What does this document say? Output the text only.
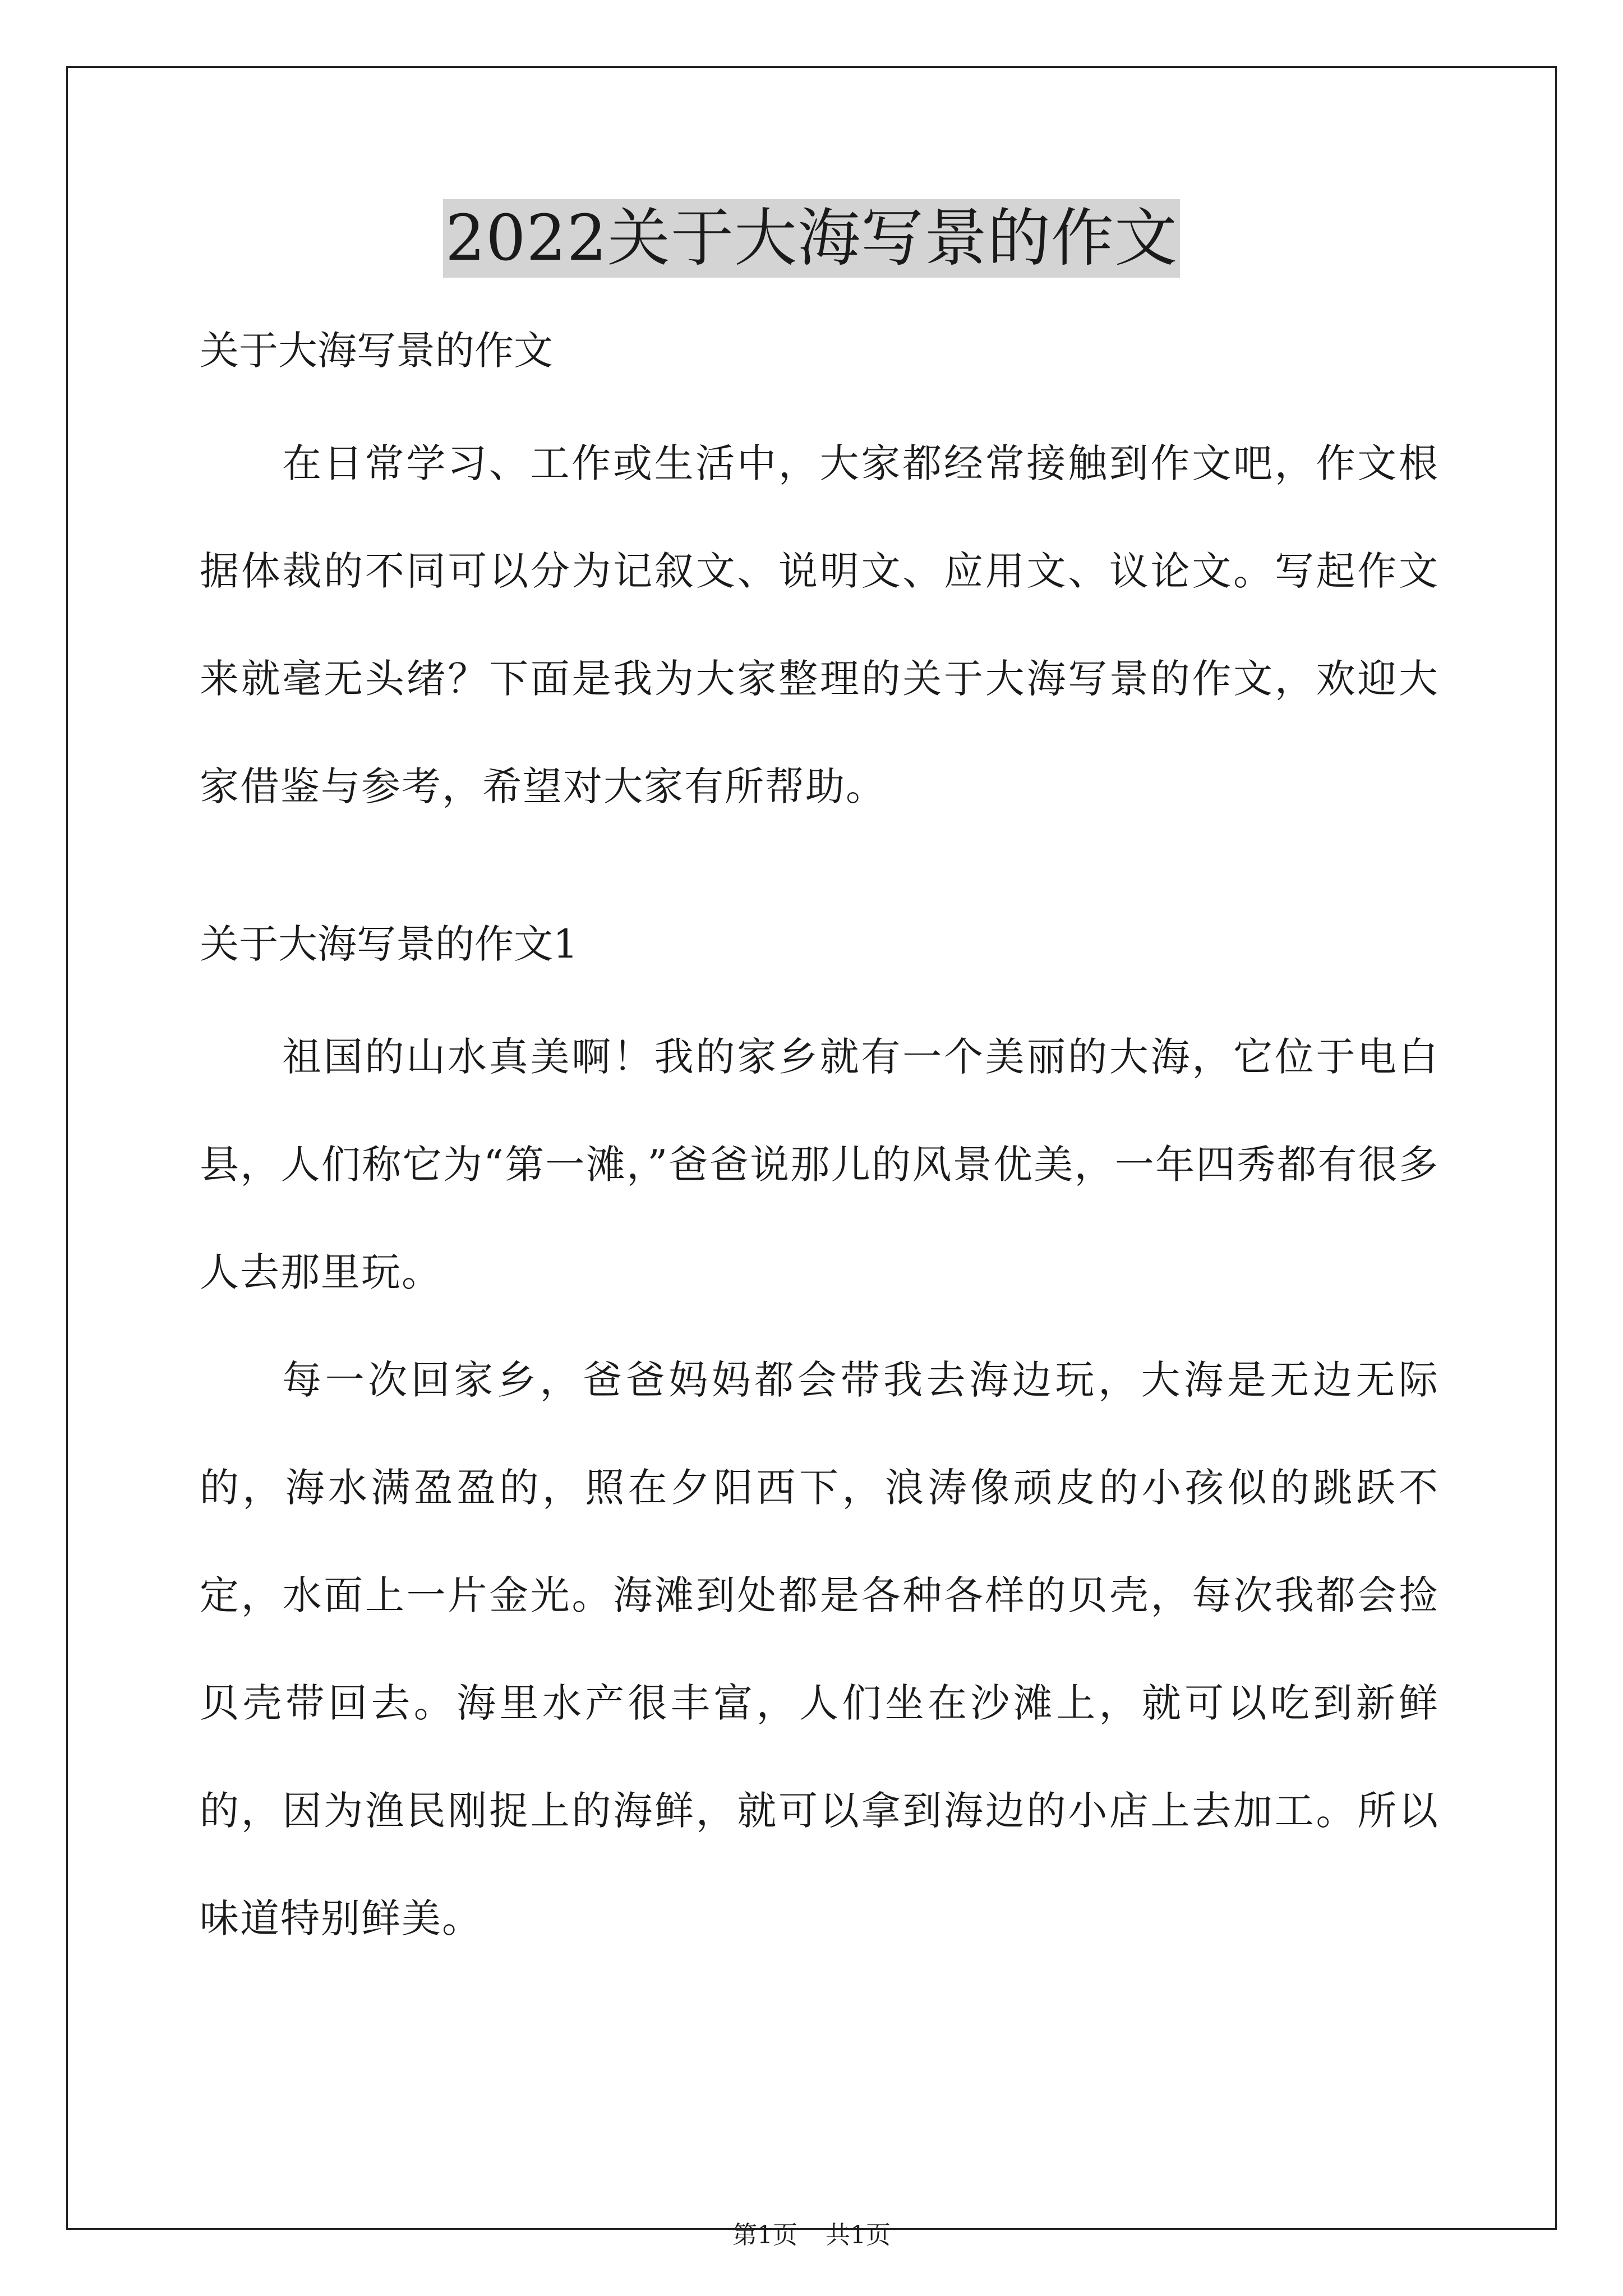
2022关于大海写景的作文

关于大海写景的作文

在日常学习、工作或生活中，大家都经常接触到作文吧，作文根据体裁的不同可以分为记叙文、说明文、应用文、议论文。写起作文来就毫无头绪？下面是我为大家整理的关于大海写景的作文，欢迎大家借鉴与参考，希望对大家有所帮助。

关于大海写景的作文1

祖国的山水真美啊！我的家乡就有一个美丽的大海，它位于电白县，人们称它为“第一滩，”爸爸说那儿的风景优美，一年四秀都有很多人去那里玩。

每一次回家乡，爸爸妈妈都会带我去海边玩，大海是无边无际的，海水满盈盈的，照在夕阳西下，浪涛像顽皮的小孩似的跳跃不定，水面上一片金光。海滩到处都是各种各样的贝壳，每次我都会捡贝壳带回去。海里水产很丰富，人们坐在沙滩上，就可以吃到新鲜的，因为渔民刚捉上的海鲜，就可以拿到海边的小店上去加工。所以味道特别鲜美。

第1页 共1页
